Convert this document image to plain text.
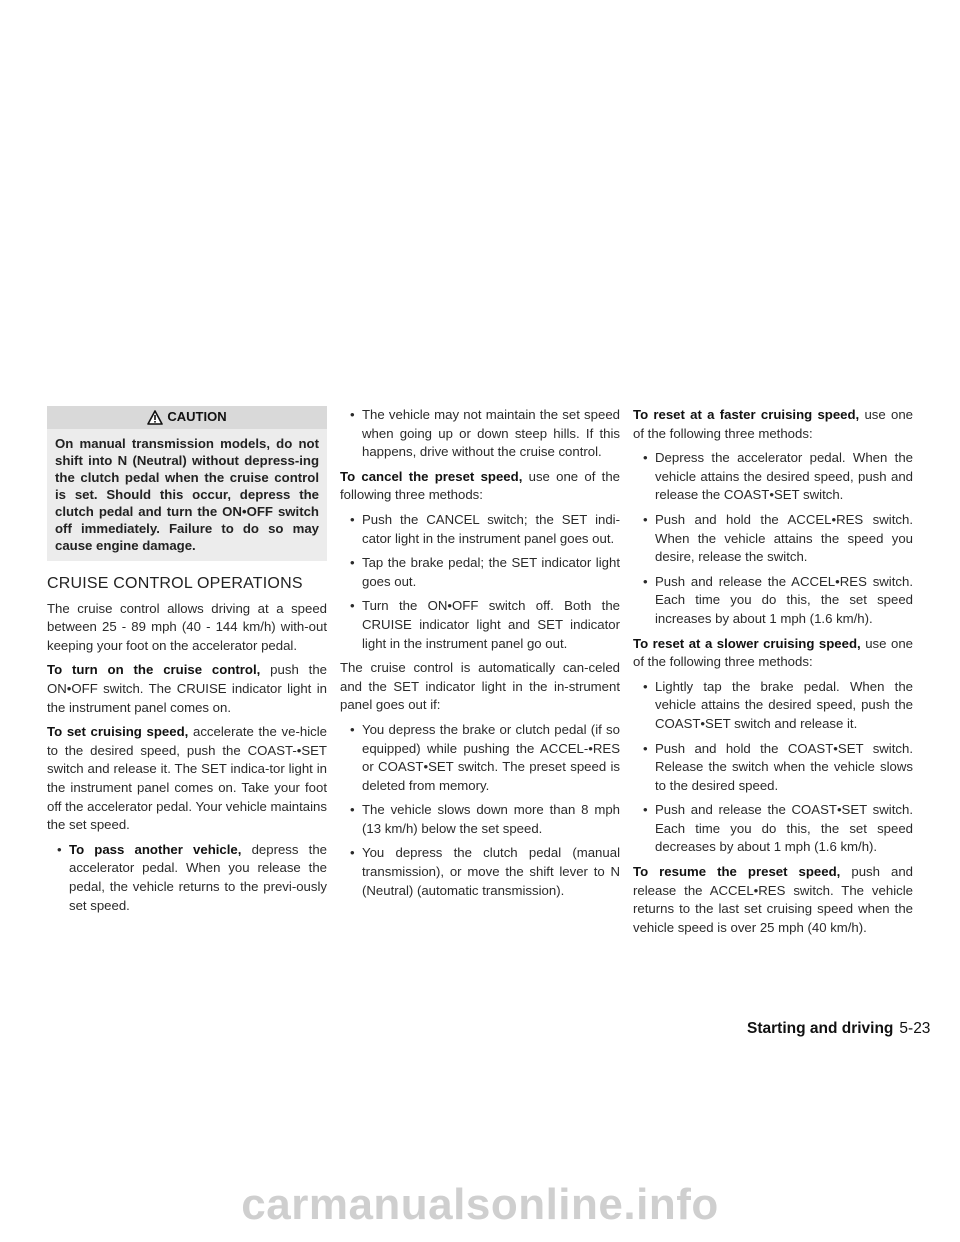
CAUTION
On manual transmission models, do not shift into N (Neutral) without depress-ing the clutch pedal when the cruise control is set. Should this occur, depress the clutch pedal and turn the ON•OFF switch off immediately. Failure to do so may cause engine damage.
CRUISE CONTROL OPERATIONS

The cruise control allows driving at a speed between 25 - 89 mph (40 - 144 km/h) with-out keeping your foot on the accelerator pedal.

To turn on the cruise control, push the ON•OFF switch. The CRUISE indicator light in the instrument panel comes on.

To set cruising speed, accelerate the ve-hicle to the desired speed, push the COAST-•SET switch and release it. The SET indica-tor light in the instrument panel comes on. Take your foot off the accelerator pedal. Your vehicle maintains the set speed.

• To pass another vehicle, depress the accelerator pedal. When you release the pedal, the vehicle returns to the previ-ously set speed.
• The vehicle may not maintain the set speed when going up or down steep hills. If this happens, drive without the cruise control.

To cancel the preset speed, use one of the following three methods:

• Push the CANCEL switch; the SET indi-cator light in the instrument panel goes out.
• Tap the brake pedal; the SET indicator light goes out.
• Turn the ON•OFF switch off. Both the CRUISE indicator light and SET indicator light in the instrument panel go out.

The cruise control is automatically can-celed and the SET indicator light in the in-strument panel goes out if:

• You depress the brake or clutch pedal (if so equipped) while pushing the ACCEL-•RES or COAST•SET switch. The preset speed is deleted from memory.
• The vehicle slows down more than 8 mph (13 km/h) below the set speed.
• You depress the clutch pedal (manual transmission), or move the shift lever to N (Neutral) (automatic transmission).

To reset at a faster cruising speed, use one of the following three methods:

• Depress the accelerator pedal. When the vehicle attains the desired speed, push and release the COAST•SET switch.
• Push and hold the ACCEL•RES switch. When the vehicle attains the speed you desire, release the switch.
• Push and release the ACCEL•RES switch. Each time you do this, the set speed increases by about 1 mph (1.6 km/h).

To reset at a slower cruising speed, use one of the following three methods:

• Lightly tap the brake pedal. When the vehicle attains the desired speed, push the COAST•SET switch and release it.
• Push and hold the COAST•SET switch. Release the switch when the vehicle slows to the desired speed.
• Push and release the COAST•SET switch. Each time you do this, the set speed decreases by about 1 mph (1.6 km/h).

To resume the preset speed, push and release the ACCEL•RES switch. The vehicle returns to the last set cruising speed when the vehicle speed is over 25 mph (40 km/h).

Starting and driving 5-23
carmanualsonline.info
